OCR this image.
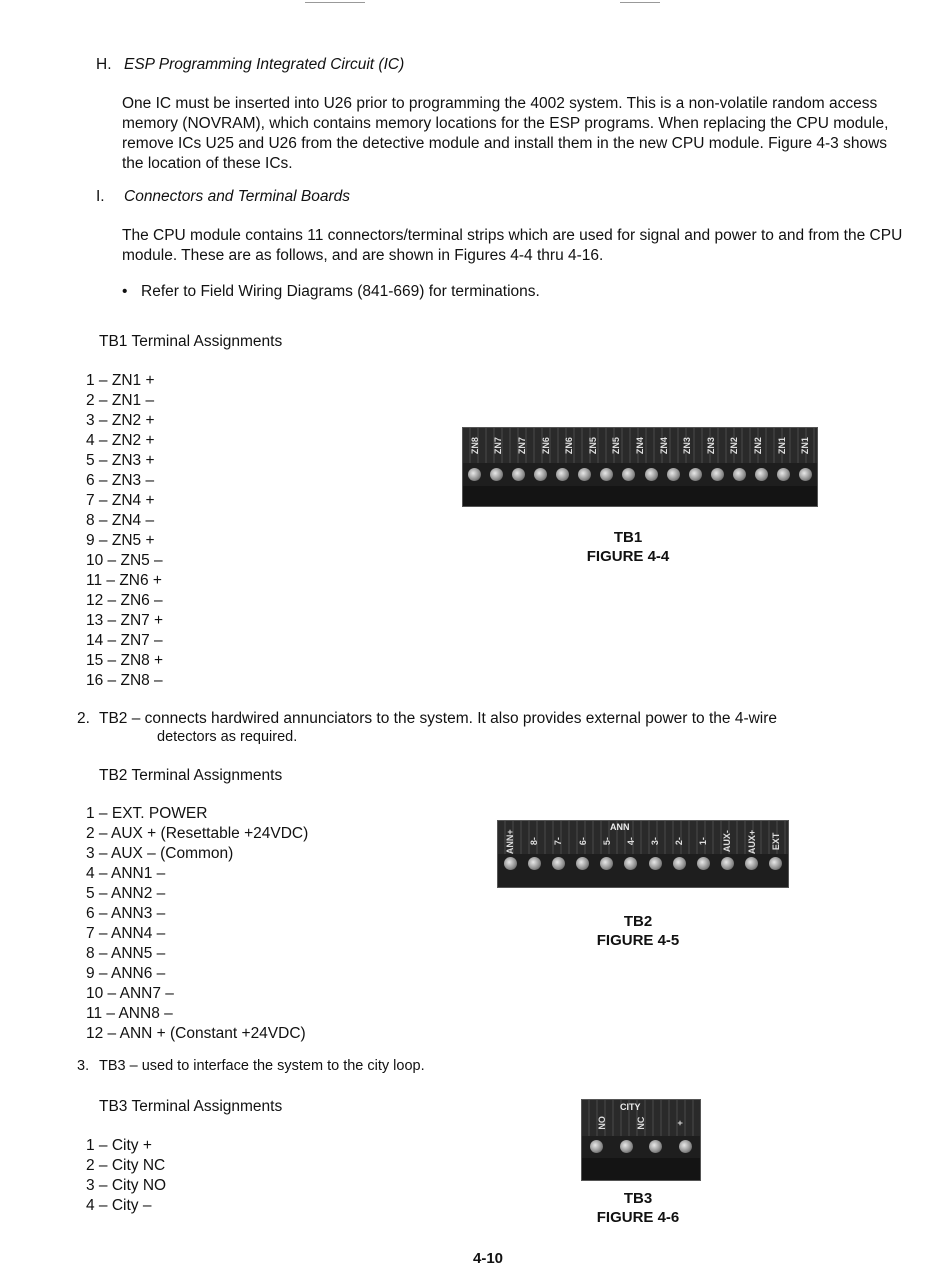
H. ESP Programming Integrated Circuit (IC)
One IC must be inserted into U26 prior to programming the 4002 system. This is a non-volatile random access memory (NOVRAM), which contains memory locations for the ESP programs. When replacing the CPU module, remove ICs U25 and U26 from the detective module and install them in the new CPU module. Figure 4-3 shows the location of these ICs.
I. Connectors and Terminal Boards
The CPU module contains 11 connectors/terminal strips which are used for signal and power to and from the CPU module. These are as follows, and are shown in Figures 4-4 thru 4-16.
• Refer to Field Wiring Diagrams (841-669) for terminations.
TB1 Terminal Assignments
1 – ZN1 +
2 – ZN1 –
3 – ZN2 +
4 – ZN2 +
5 – ZN3 +
6 – ZN3 –
7 – ZN4 +
8 – ZN4 –
9 – ZN5 +
10 – ZN5 –
11 – ZN6 +
12 – ZN6 –
13 – ZN7 +
14 – ZN7 –
15 – ZN8 +
16 – ZN8 –
ZN8 ZN7 ZN7 ZN6 ZN6 ZN5 ZN5 ZN4 ZN4 ZN3 ZN3 ZN2 ZN2 ZN1 ZN1
TB1
FIGURE 4-4
2. TB2 – connects hardwired annunciators to the system. It also provides external power to the 4-wire
detectors as required.
TB2 Terminal Assignments
1 – EXT. POWER
2 – AUX + (Resettable +24VDC)
3 – AUX – (Common)
4 – ANN1 –
5 – ANN2 –
6 – ANN3 –
7 – ANN4 –
8 – ANN5 –
9 – ANN6 –
10 – ANN7 –
11 – ANN8 –
12 – ANN + (Constant +24VDC)
ANN
ANN+ 8- 7- 6- 5- 4- 3- 2- 1- AUX- AUX+ EXT
TB2
FIGURE 4-5
3. TB3 – used to interface the system to the city loop.
TB3 Terminal Assignments
1 – City +
2 – City NC
3 – City NO
4 – City –
CITY
NO	NC	+
TB3
FIGURE 4-6
4-10
